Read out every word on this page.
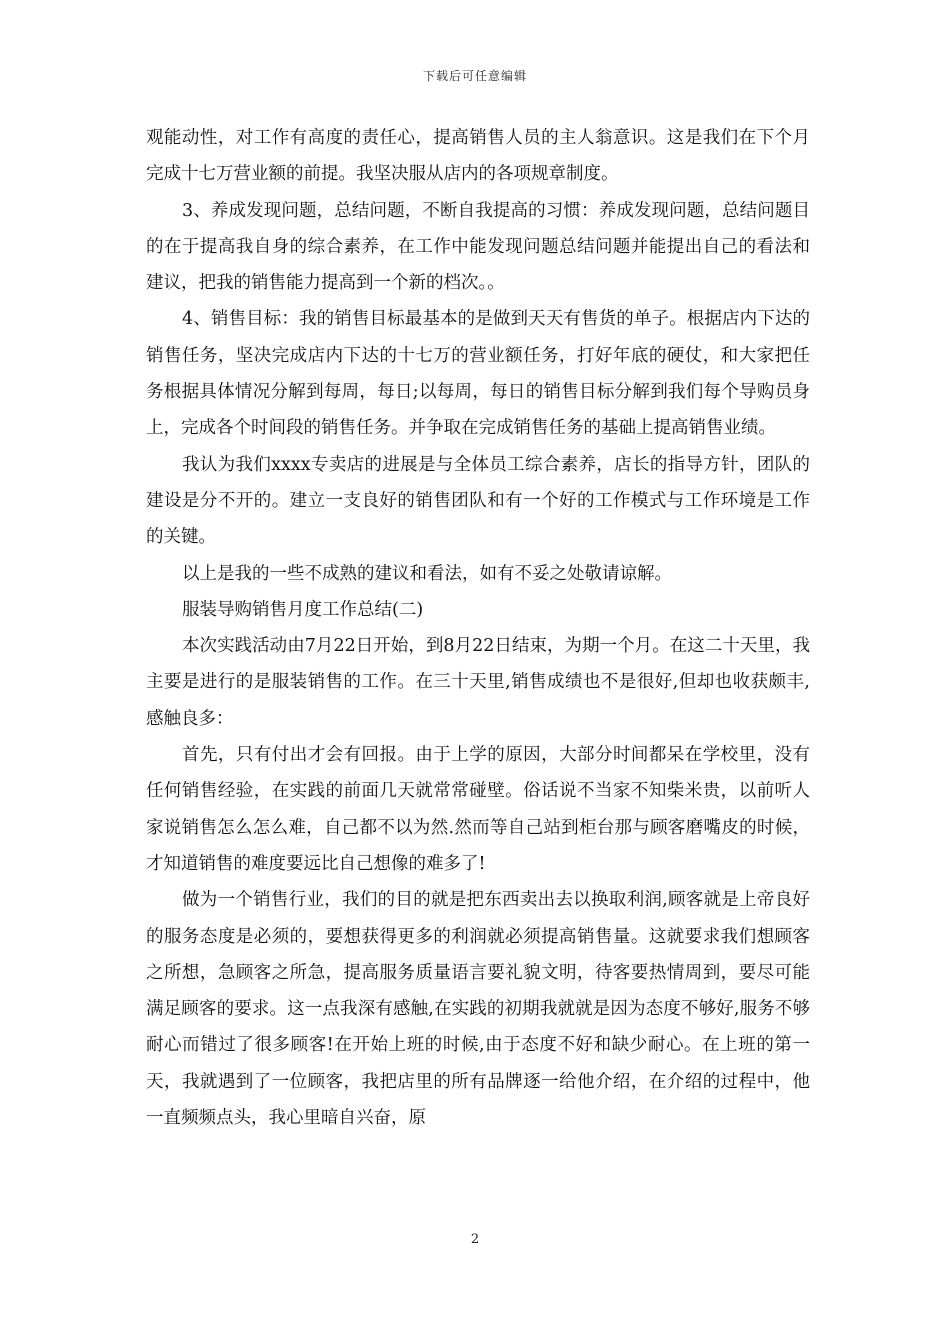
下载后可任意编辑

观能动性，对工作有高度的责任心，提高销售人员的主人翁意识。这是我们在下个月完成十七万营业额的前提。我坚决服从店内的各项规章制度。

3、养成发现问题，总结问题，不断自我提高的习惯：养成发现问题，总结问题目的在于提高我自身的综合素养，在工作中能发现问题总结问题并能提出自己的看法和建议，把我的销售能力提高到一个新的档次。。

4、销售目标：我的销售目标最基本的是做到天天有售货的单子。根据店内下达的销售任务，坚决完成店内下达的十七万的营业额任务，打好年底的硬仗，和大家把任务根据具体情况分解到每周，每日;以每周，每日的销售目标分解到我们每个导购员身上，完成各个时间段的销售任务。并争取在完成销售任务的基础上提高销售业绩。

我认为我们xxxx专卖店的进展是与全体员工综合素养，店长的指导方针，团队的建设是分不开的。建立一支良好的销售团队和有一个好的工作模式与工作环境是工作的关键。

以上是我的一些不成熟的建议和看法，如有不妥之处敬请谅解。

服装导购销售月度工作总结(二)

本次实践活动由7月22日开始，到8月22日结束，为期一个月。在这二十天里，我主要是进行的是服装销售的工作。在三十天里,销售成绩也不是很好,但却也收获颇丰,感触良多：

首先，只有付出才会有回报。由于上学的原因，大部分时间都呆在学校里，没有任何销售经验，在实践的前面几天就常常碰壁。俗话说不当家不知柴米贵，以前听人家说销售怎么怎么难，自己都不以为然.然而等自己站到柜台那与顾客磨嘴皮的时候，才知道销售的难度要远比自己想像的难多了!

做为一个销售行业，我们的目的就是把东西卖出去以换取利润,顾客就是上帝良好的服务态度是必须的，要想获得更多的利润就必须提高销售量。这就要求我们想顾客之所想，急顾客之所急，提高服务质量语言要礼貌文明，待客要热情周到，要尽可能满足顾客的要求。这一点我深有感触,在实践的初期我就就是因为态度不够好,服务不够耐心而错过了很多顾客!在开始上班的时候,由于态度不好和缺少耐心。在上班的第一天，我就遇到了一位顾客，我把店里的所有品牌逐一给他介绍，在介绍的过程中，他一直频频点头，我心里暗自兴奋，原

2
